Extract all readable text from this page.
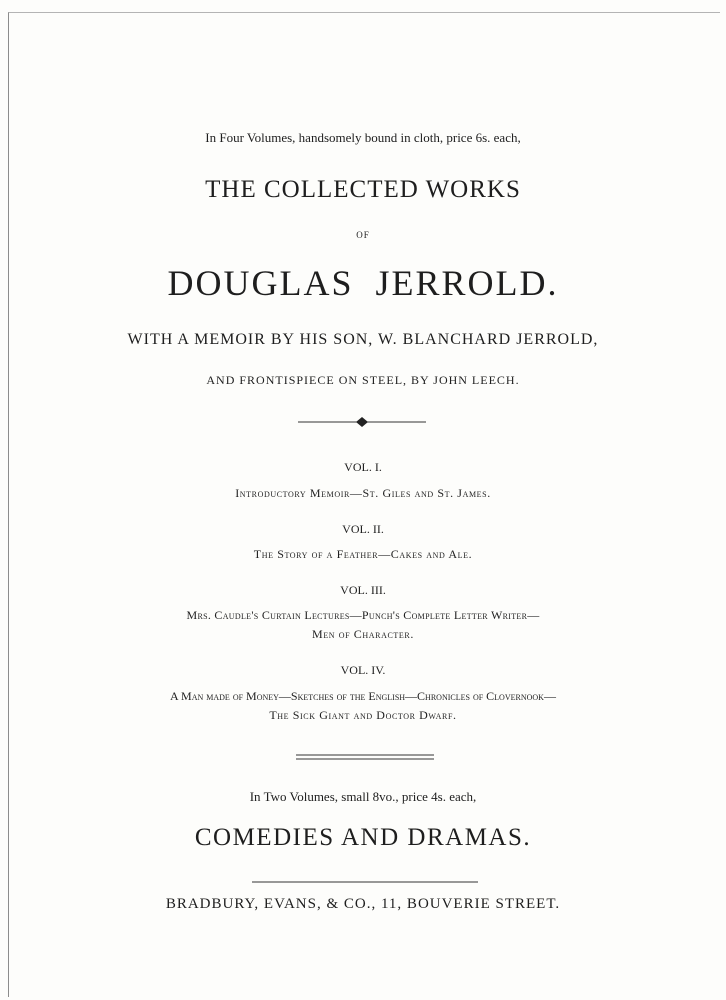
In Four Volumes, handsomely bound in cloth, price 6s. each,
THE COLLECTED WORKS
OF
DOUGLAS  JERROLD.
WITH A MEMOIR BY HIS SON, W. BLANCHARD JERROLD,
AND FRONTISPIECE ON STEEL, BY JOHN LEECH.
VOL. I.
Introductory Memoir—St. Giles and St. James.
VOL. II.
The Story of a Feather—Cakes and Ale.
VOL. III.
Mrs. Caudle's Curtain Lectures—Punch's Complete Letter Writer—
Men of Character.
VOL. IV.
A Man made of Money—Sketches of the English—Chronicles of Clovernook—
The Sick Giant and Doctor Dwarf.
In Two Volumes, small 8vo., price 4s. each,
COMEDIES AND DRAMAS.
BRADBURY, EVANS, & CO., 11, BOUVERIE STREET.
